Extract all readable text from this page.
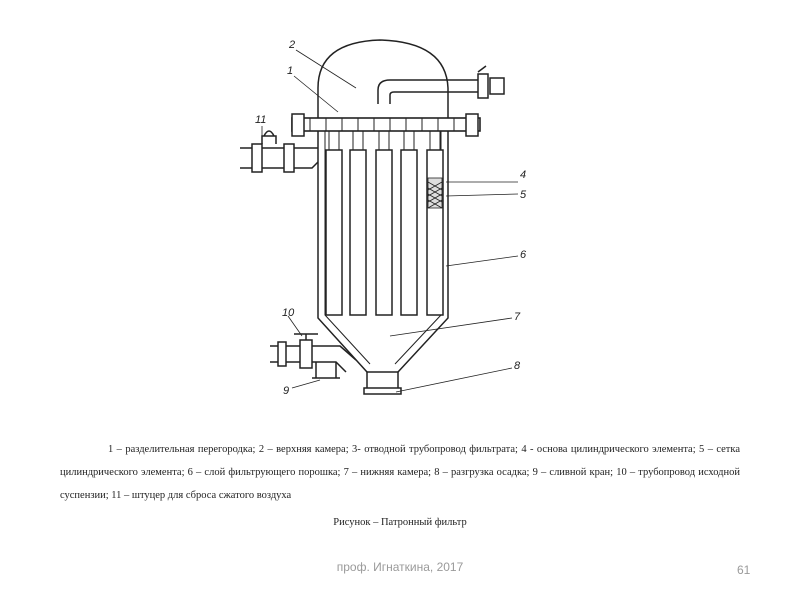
1
2
4
5
6
7
8
9
10
11
1 – разделительная перегородка; 2 – верхняя камера; 3- отводной трубопровод фильтрата; 4 - основа цилиндрического элемента; 5 – сетка цилиндрического элемента; 6 – слой фильтрующего порошка; 7 – нижняя камера; 8 – разгрузка осадка; 9 – сливной кран; 10 – трубопровод исходной суспензии; 11 – штуцер для сброса сжатого воздуха
Рисунок – Патронный фильтр
проф. Игнаткина, 2017	61
